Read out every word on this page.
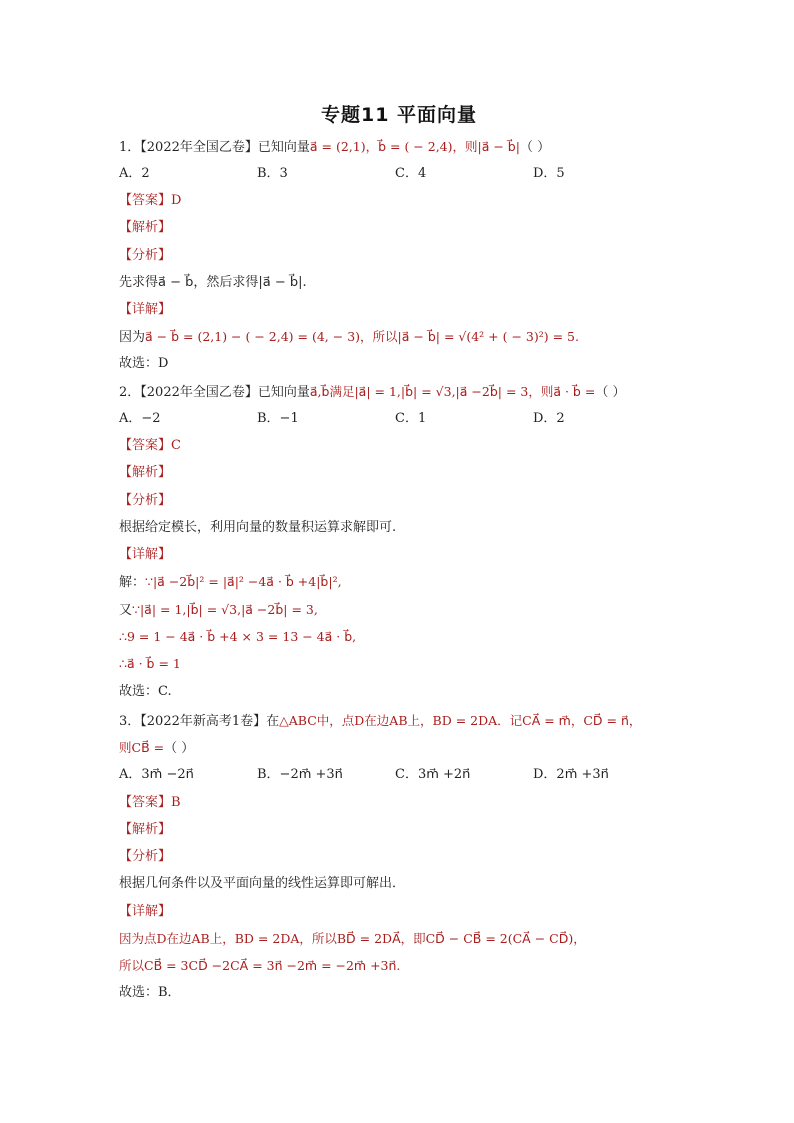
专题11 平面向量
1．【2022年全国乙卷】已知向量a⃗ = (2,1)，b⃗ = ( − 2,4)，则|a⃗ − b⃗|（ ）
A．2	B．3	C．4	D．5
【答案】D
【解析】
【分析】
先求得a⃗ − b⃗，然后求得|a⃗ − b⃗|.
【详解】
因为a⃗ − b⃗ = (2,1) − ( − 2,4) = (4, − 3)，所以|a⃗ − b⃗| = √(4² + ( − 3)²) = 5.
故选：D
2．【2022年全国乙卷】已知向量a⃗,b⃗满足|a⃗| = 1,|b⃗| = √3,|a⃗ −2b⃗| = 3，则a⃗ · b⃗ =（ ）
A．−2	B．−1	C．1	D．2
【答案】C
【解析】
【分析】
根据给定模长，利用向量的数量积运算求解即可.
【详解】
解：∵|a⃗ −2b⃗|² = |a⃗|² −4a⃗ · b⃗ +4|b⃗|²,
又∵|a⃗| = 1,|b⃗| = √3,|a⃗ −2b⃗| = 3,
∴9 = 1 − 4a⃗ · b⃗ +4 × 3 = 13 − 4a⃗ · b⃗,
∴a⃗ · b⃗ = 1
故选：C.
3．【2022年新高考1卷】在△ABC中，点D在边AB上，BD = 2DA．记CA⃗ = m⃗，CD⃗ = n⃗，
则CB⃗ =（ ）
A．3m⃗ −2n⃗	B．−2m⃗ +3n⃗	C．3m⃗ +2n⃗	D．2m⃗ +3n⃗
【答案】B
【解析】
【分析】
根据几何条件以及平面向量的线性运算即可解出．
【详解】
因为点D在边AB上，BD = 2DA，所以BD⃗ = 2DA⃗，即CD⃗ − CB⃗ = 2(CA⃗ − CD⃗)，
所以CB⃗ = 3CD⃗ −2CA⃗ = 3n⃗ −2m⃗ = −2m⃗ +3n⃗.
故选：B．
